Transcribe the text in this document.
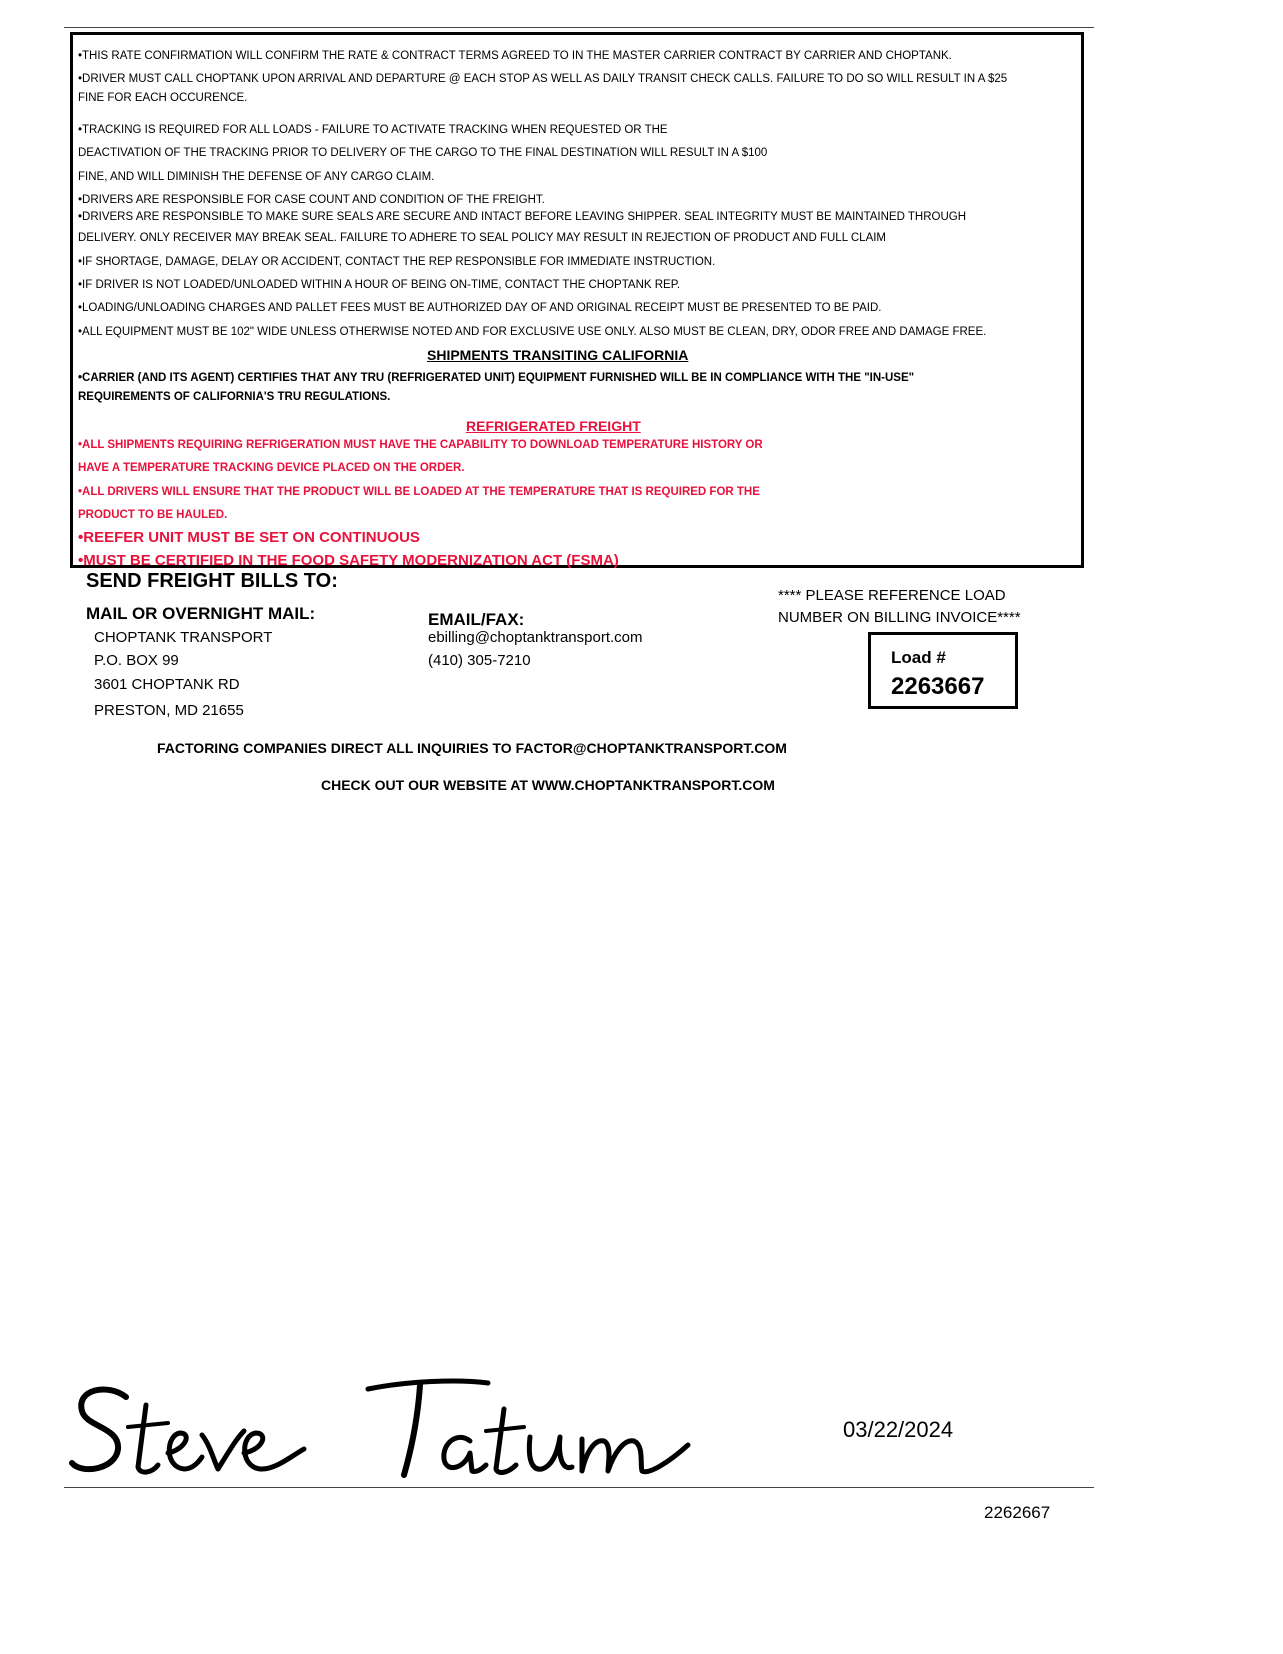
•THIS RATE CONFIRMATION WILL CONFIRM THE RATE & CONTRACT TERMS AGREED TO IN THE MASTER CARRIER CONTRACT BY CARRIER AND CHOPTANK.
•DRIVER MUST CALL CHOPTANK UPON ARRIVAL AND DEPARTURE @ EACH STOP AS WELL AS DAILY TRANSIT CHECK CALLS. FAILURE TO DO SO WILL RESULT IN A $25
FINE FOR EACH OCCURENCE.
•TRACKING IS REQUIRED FOR ALL LOADS - FAILURE TO ACTIVATE TRACKING WHEN REQUESTED OR THE
DEACTIVATION OF THE TRACKING PRIOR TO DELIVERY OF THE CARGO TO THE FINAL DESTINATION WILL RESULT IN A $100
FINE, AND WILL DIMINISH THE DEFENSE OF ANY CARGO CLAIM.
•DRIVERS ARE RESPONSIBLE FOR CASE COUNT AND CONDITION OF THE FREIGHT.
•DRIVERS ARE RESPONSIBLE TO MAKE SURE SEALS ARE SECURE AND INTACT BEFORE LEAVING SHIPPER. SEAL INTEGRITY MUST BE MAINTAINED THROUGH
DELIVERY. ONLY RECEIVER MAY BREAK SEAL. FAILURE TO ADHERE TO SEAL POLICY MAY RESULT IN REJECTION OF PRODUCT AND FULL CLAIM
•IF SHORTAGE, DAMAGE, DELAY OR ACCIDENT, CONTACT THE REP RESPONSIBLE FOR IMMEDIATE INSTRUCTION.
•IF DRIVER IS NOT LOADED/UNLOADED WITHIN A HOUR OF BEING ON-TIME, CONTACT THE CHOPTANK REP.
•LOADING/UNLOADING CHARGES AND PALLET FEES MUST BE AUTHORIZED DAY OF AND ORIGINAL RECEIPT MUST BE PRESENTED TO BE PAID.
•ALL EQUIPMENT MUST BE 102" WIDE UNLESS OTHERWISE NOTED AND FOR EXCLUSIVE USE ONLY. ALSO MUST BE CLEAN, DRY, ODOR FREE AND DAMAGE FREE.
SHIPMENTS TRANSITING CALIFORNIA
•CARRIER (AND ITS AGENT) CERTIFIES THAT ANY TRU (REFRIGERATED UNIT) EQUIPMENT FURNISHED WILL BE IN COMPLIANCE WITH THE "IN-USE"
REQUIREMENTS OF CALIFORNIA'S TRU REGULATIONS.
REFRIGERATED FREIGHT
•ALL SHIPMENTS REQUIRING REFRIGERATION MUST HAVE THE CAPABILITY TO DOWNLOAD TEMPERATURE HISTORY OR
HAVE A TEMPERATURE TRACKING DEVICE PLACED ON THE ORDER.
•ALL DRIVERS WILL ENSURE THAT THE PRODUCT WILL BE LOADED AT THE TEMPERATURE THAT IS REQUIRED FOR THE
PRODUCT TO BE HAULED.
•REEFER UNIT MUST BE SET ON CONTINUOUS
•MUST BE CERTIFIED IN THE FOOD SAFETY MODERNIZATION ACT (FSMA)
SEND FREIGHT BILLS TO:
MAIL OR OVERNIGHT MAIL:
CHOPTANK TRANSPORT
P.O. BOX 99
3601 CHOPTANK RD
PRESTON, MD 21655
EMAIL/FAX:
ebilling@choptanktransport.com
(410) 305-7210
**** PLEASE REFERENCE LOAD
NUMBER ON BILLING INVOICE****
Load #
2263667
FACTORING COMPANIES DIRECT ALL INQUIRIES TO FACTOR@CHOPTANKTRANSPORT.COM
CHECK OUT OUR WEBSITE AT WWW.CHOPTANKTRANSPORT.COM
03/22/2024
2262667
